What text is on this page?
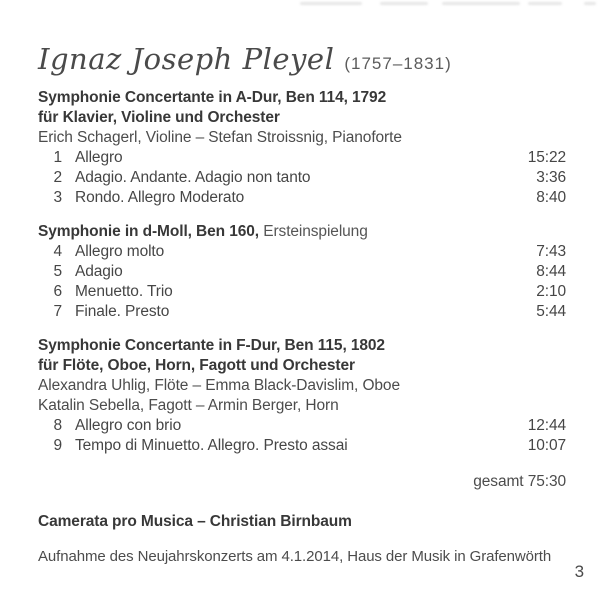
Ignaz Joseph Pleyel (1757–1831)
Symphonie Concertante in A-Dur, Ben 114, 1792
für Klavier, Violine und Orchester
Erich Schagerl, Violine – Stefan Stroissnig, Pianoforte
1 Allegro	15:22
2 Adagio. Andante. Adagio non tanto	3:36
3 Rondo. Allegro Moderato	8:40
Symphonie in d-Moll, Ben 160, Ersteinspielung
4 Allegro molto	7:43
5 Adagio	8:44
6 Menuetto. Trio	2:10
7 Finale. Presto	5:44
Symphonie Concertante in F-Dur, Ben 115, 1802
für Flöte, Oboe, Horn, Fagott und Orchester
Alexandra Uhlig, Flöte – Emma Black-Davislim, Oboe
Katalin Sebella, Fagott – Armin Berger, Horn
8 Allegro con brio	12:44
9 Tempo di Minuetto. Allegro. Presto assai	10:07
gesamt 75:30
Camerata pro Musica – Christian Birnbaum
Aufnahme des Neujahrskonzerts am 4.1.2014, Haus der Musik in Grafenwörth
3
